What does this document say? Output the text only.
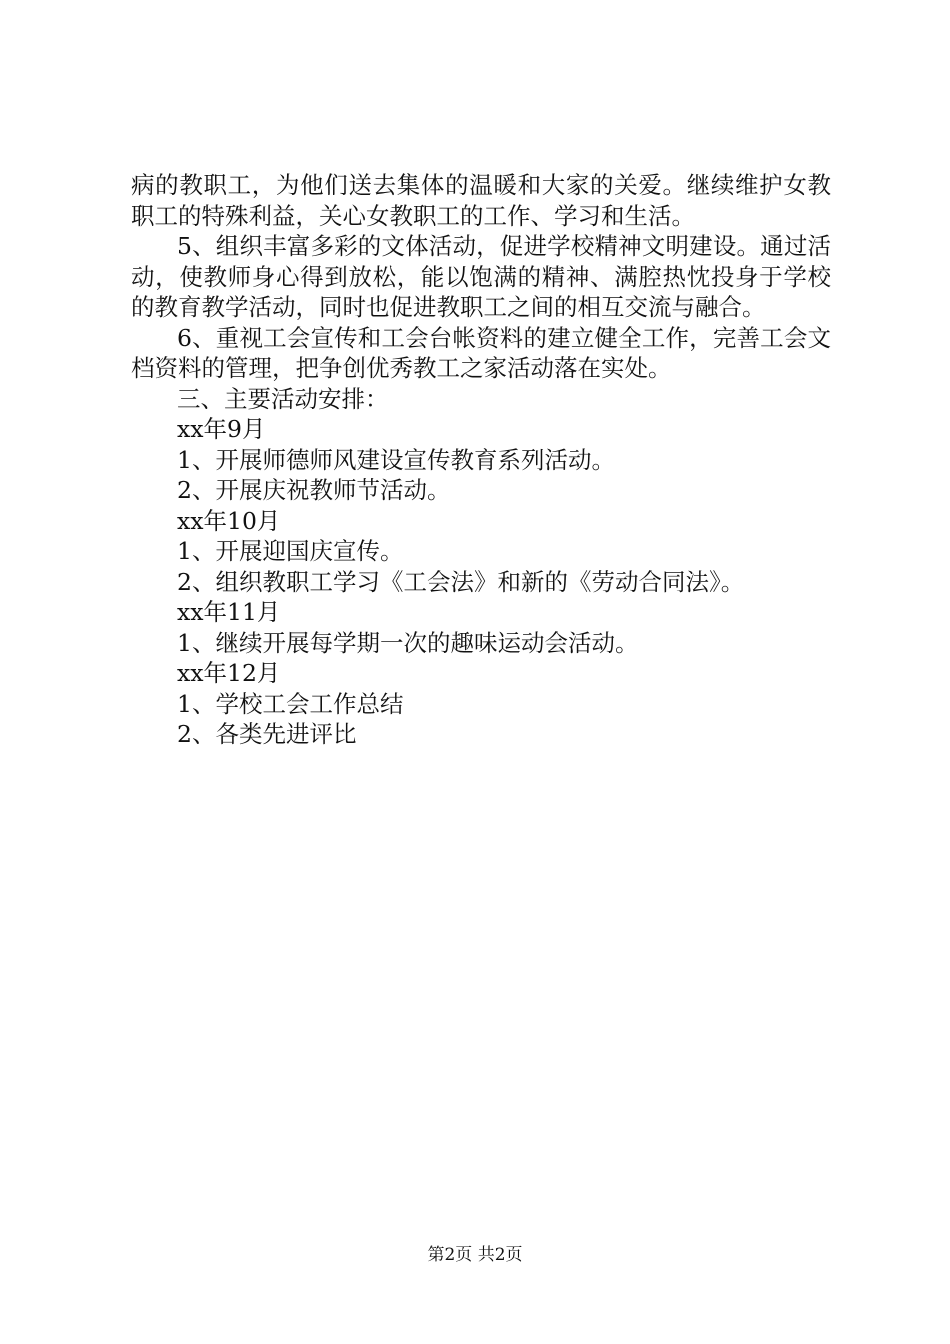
病的教职工，为他们送去集体的温暖和大家的关爱。继续维护女教职工的特殊利益，关心女教职工的工作、学习和生活。

5、组织丰富多彩的文体活动，促进学校精神文明建设。通过活动，使教师身心得到放松，能以饱满的精神、满腔热忱投身于学校的教育教学活动，同时也促进教职工之间的相互交流与融合。

6、重视工会宣传和工会台帐资料的建立健全工作，完善工会文档资料的管理，把争创优秀教工之家活动落在实处。

三、主要活动安排：

xx年9月

1、开展师德师风建设宣传教育系列活动。

2、开展庆祝教师节活动。

xx年10月

1、开展迎国庆宣传。

2、组织教职工学习《工会法》和新的《劳动合同法》。

xx年11月

1、继续开展每学期一次的趣味运动会活动。

xx年12月

1、学校工会工作总结

2、各类先进评比

第2页 共2页
